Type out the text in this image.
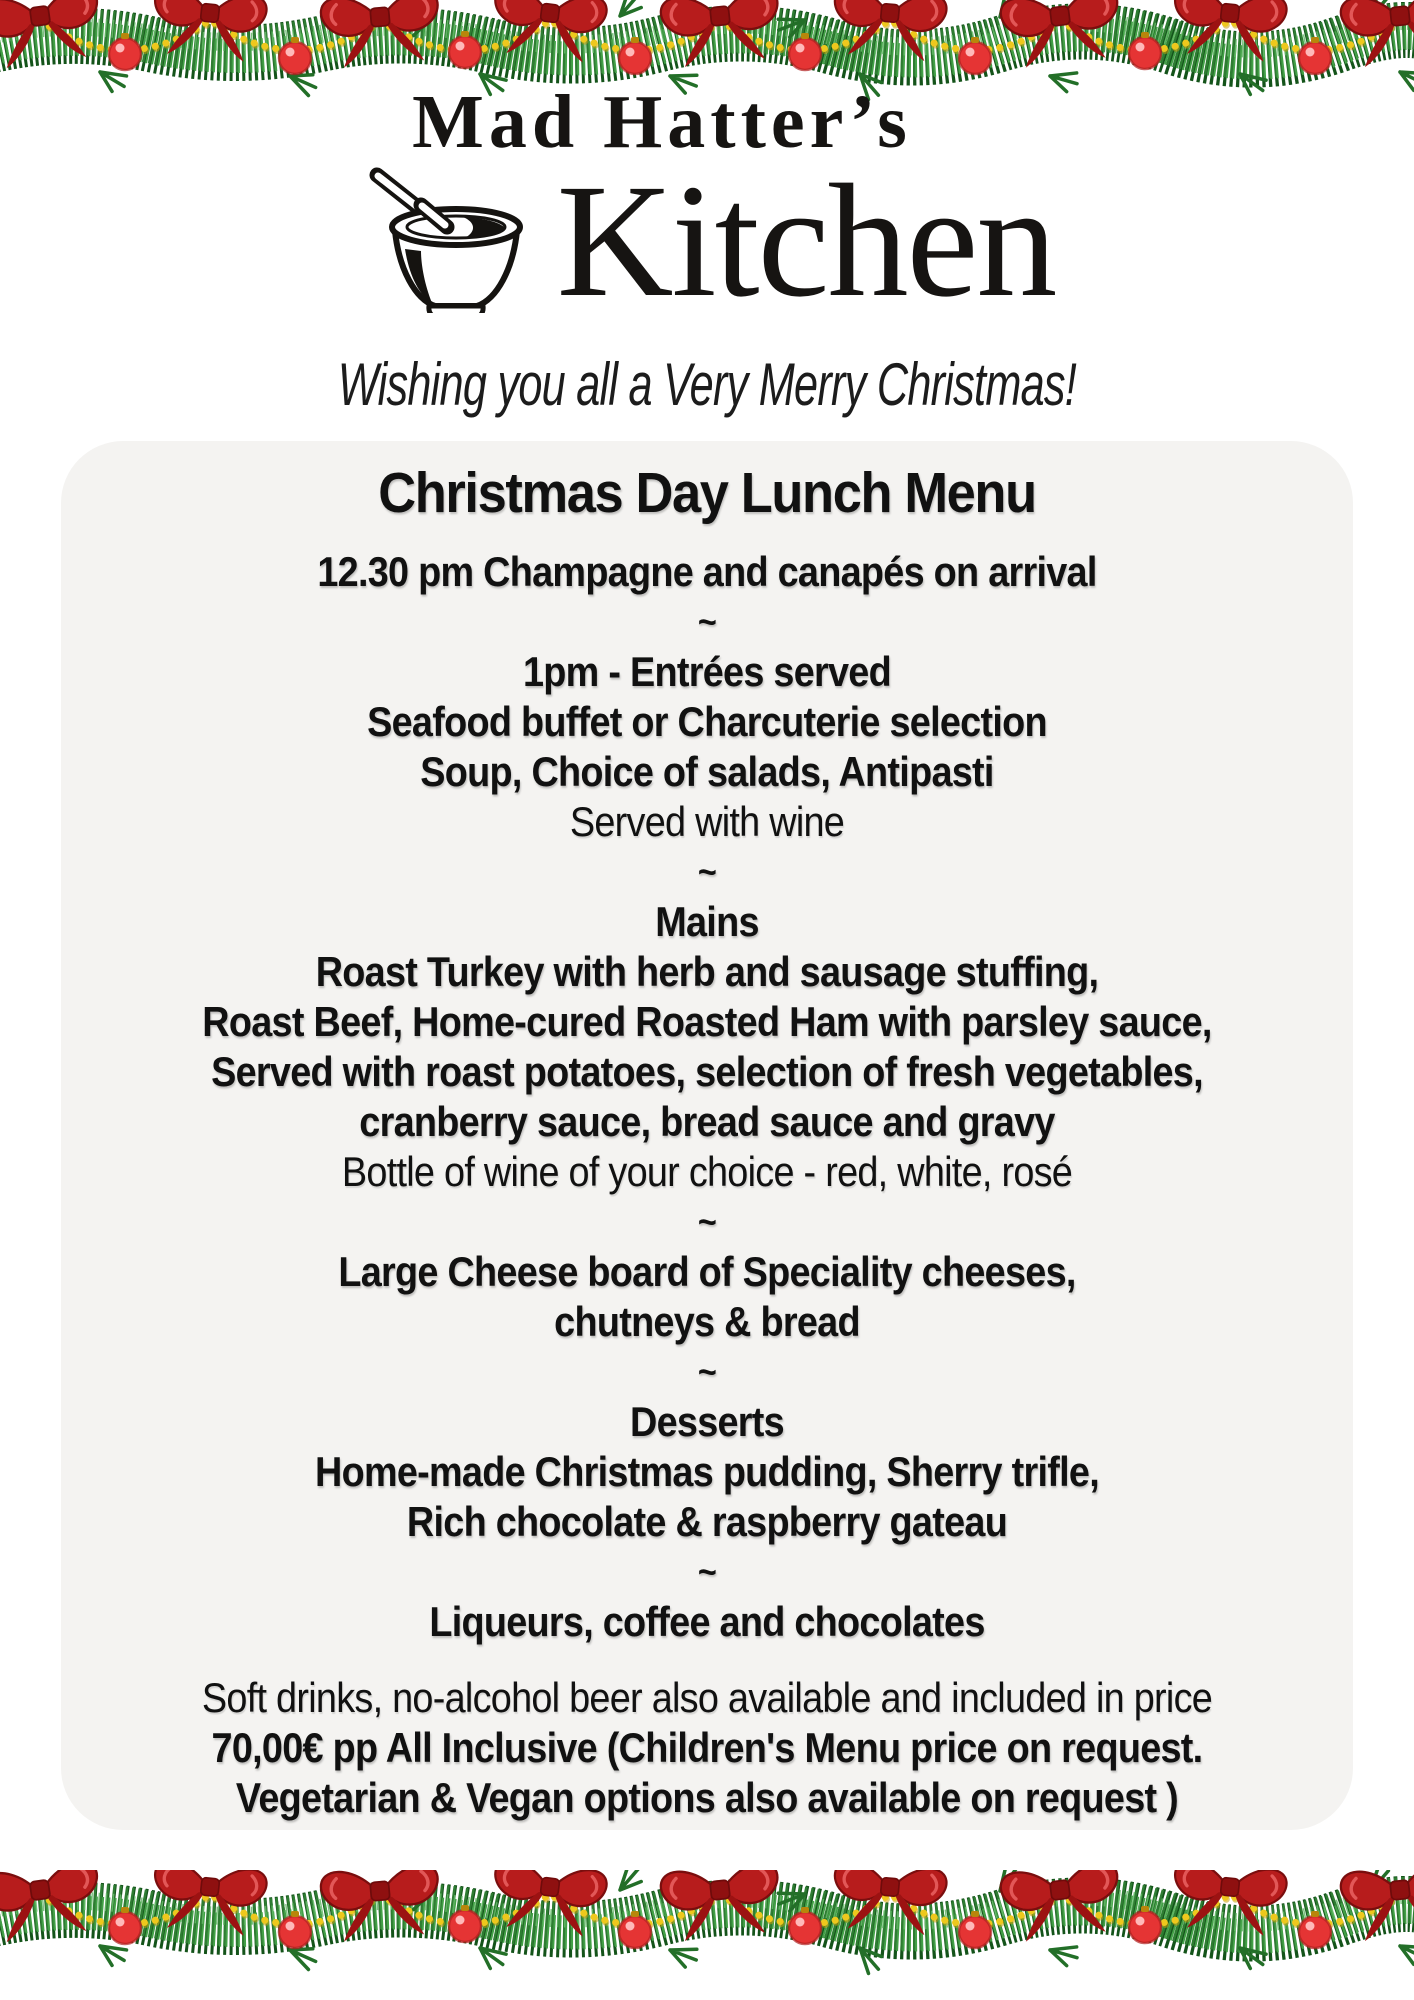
Mad Hatter’s
Kitchen
Wishing you all a Very Merry Christmas!
Christmas Day Lunch Menu
12.30 pm Champagne and canapés on arrival
~
1pm - Entrées served
Seafood buffet or Charcuterie selection
Soup, Choice of salads, Antipasti
Served with wine
~
Mains
Roast Turkey with herb and sausage stuffing,
Roast Beef, Home-cured Roasted Ham with parsley sauce,
Served with roast potatoes, selection of fresh vegetables,
cranberry sauce, bread sauce and gravy
Bottle of wine of your choice - red, white, rosé
~
Large Cheese board of Speciality cheeses,
chutneys & bread
~
Desserts
Home-made Christmas pudding, Sherry trifle,
Rich chocolate & raspberry gateau
~
Liqueurs, coffee and chocolates
Soft drinks, no-alcohol beer also available and included in price
70,00€ pp All Inclusive (Children's Menu price on request.
Vegetarian & Vegan options also available on request )
